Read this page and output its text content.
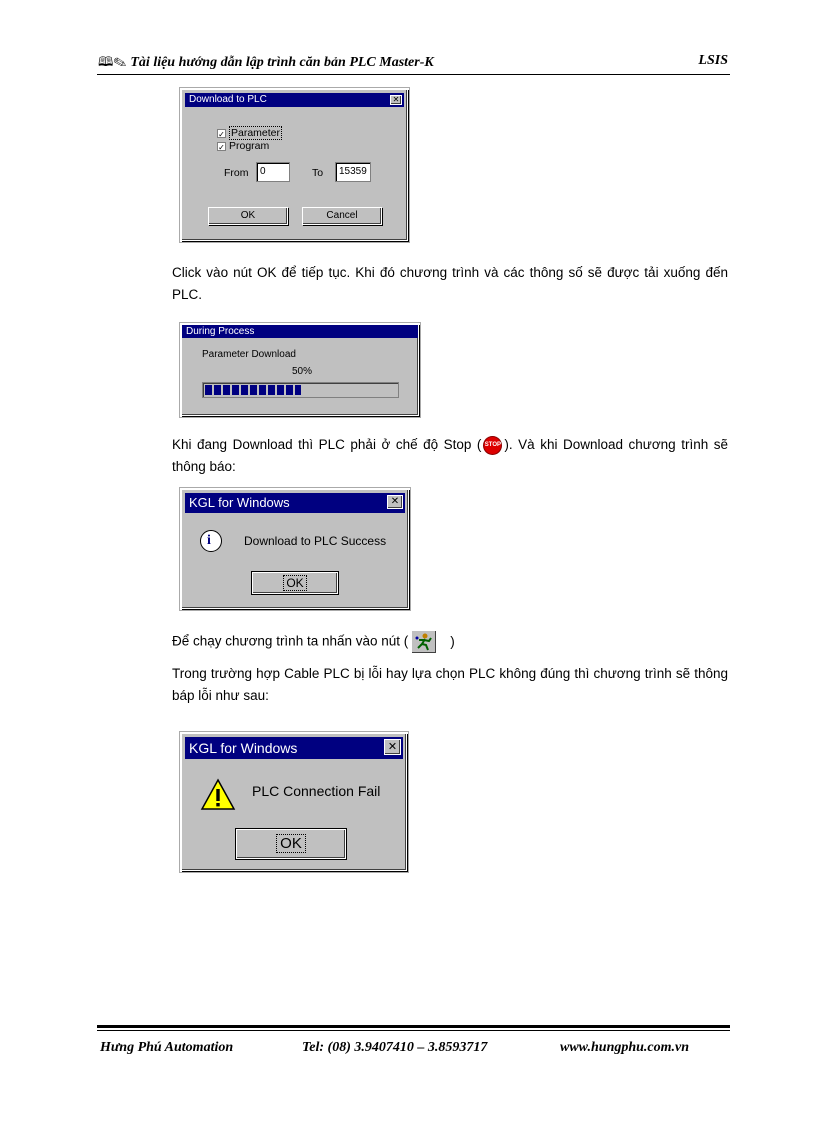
🕮✎ Tài liệu hướng dẫn lập trình căn bản PLC Master-K	LSIS
Download to PLC	✕
✓ Parameter
✓ Program
From	0	To	15359
OK	Cancel
Click vào nút OK để tiếp tục. Khi đó chương trình và các thông số sẽ được tải xuống đến PLC.
During Process
Parameter Download
50%
Khi đang Download thì PLC phải ở chế độ Stop ( STOP ). Và khi Download chương trình sẽ thông báo:
KGL for Windows	✕
i	Download to PLC Success
OK
Để chạy chương trình ta nhấn vào nút (	)
Trong trường hợp Cable PLC bị lỗi hay lựa chọn PLC không đúng thì chương trình sẽ thông báp lỗi như sau:
KGL for Windows	✕
PLC Connection Fail
OK
Hưng Phú Automation	Tel: (08) 3.9407410 – 3.8593717	www.hungphu.com.vn
